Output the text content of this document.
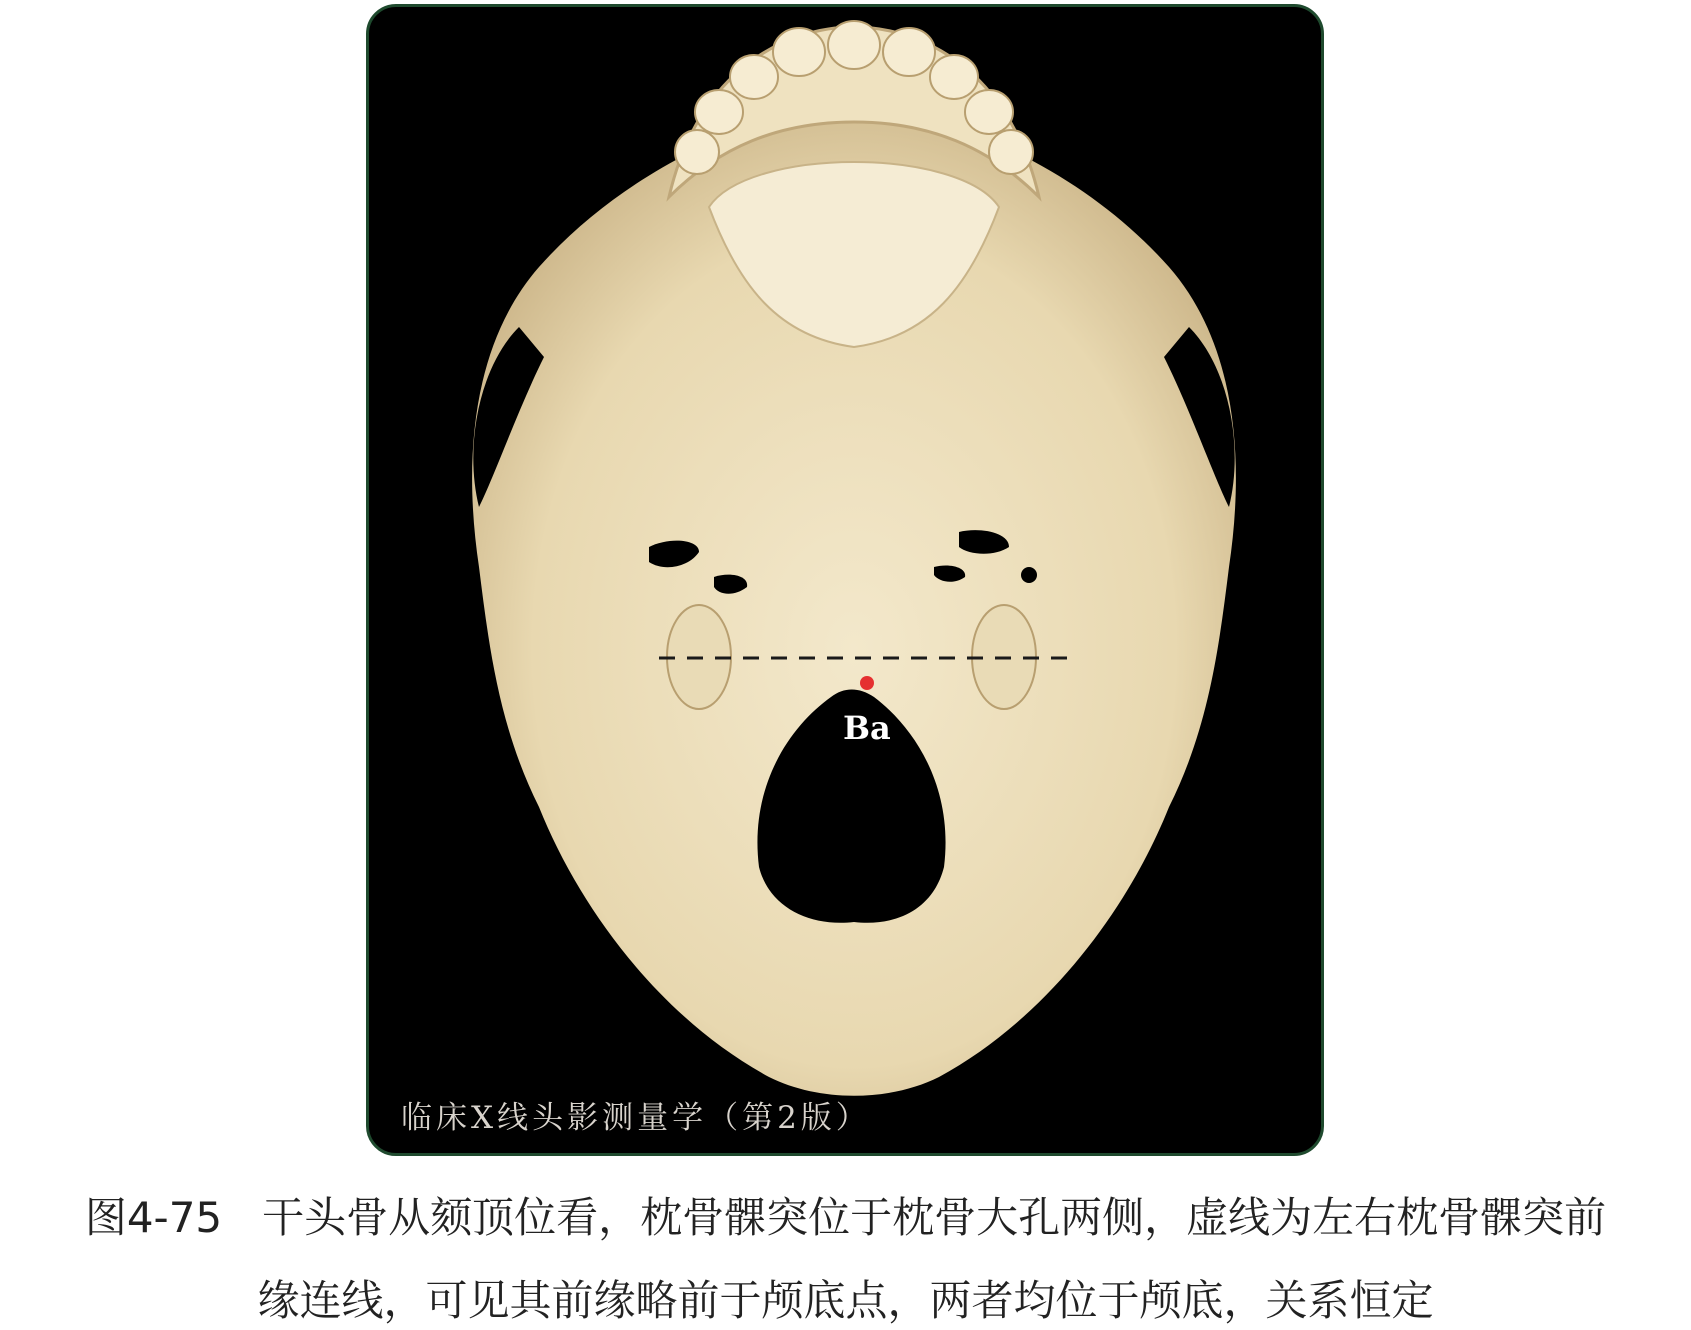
Ba
临床X线头影测量学（第2版）
图4-75 干头骨从颏顶位看，枕骨髁突位于枕骨大孔两侧，虚线为左右枕骨髁突前
缘连线，可见其前缘略前于颅底点，两者均位于颅底，关系恒定
